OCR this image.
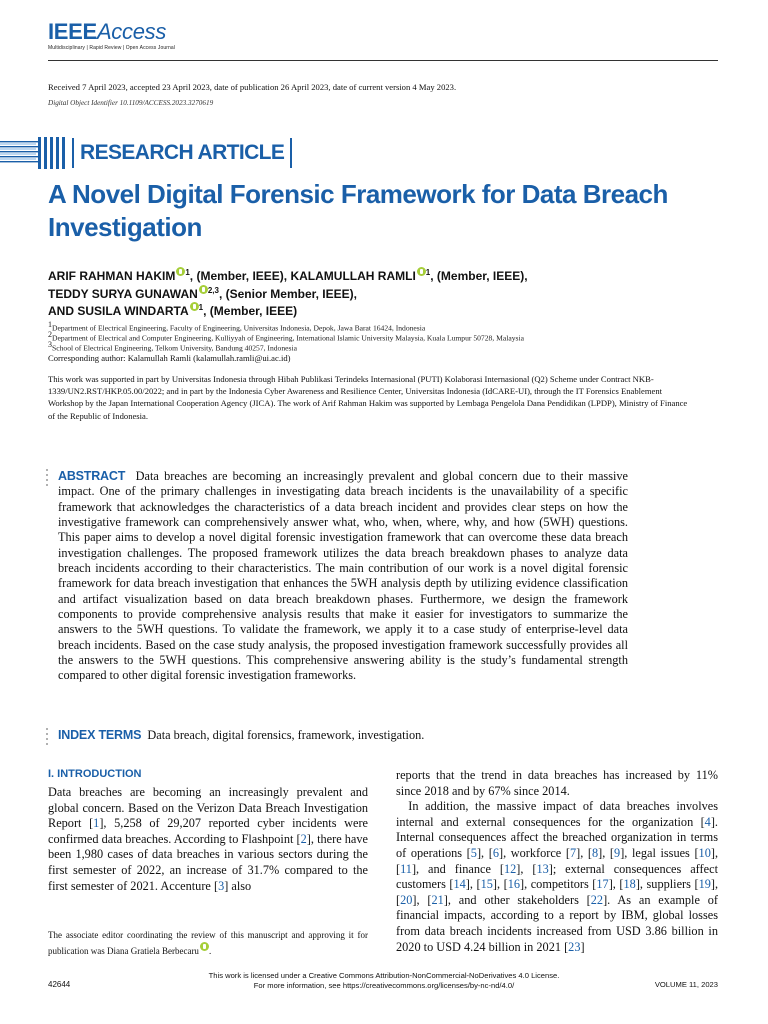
IEEEAccess
Multidisciplinary | Rapid Review | Open Access Journal
Received 7 April 2023, accepted 23 April 2023, date of publication 26 April 2023, date of current version 4 May 2023.
Digital Object Identifier 10.1109/ACCESS.2023.3270619
RESEARCH ARTICLE
A Novel Digital Forensic Framework for Data Breach Investigation
ARIF RAHMAN HAKIM $^1$, (Member, IEEE), KALAMULLAH RAMLI $^1$, (Member, IEEE),
TEDDY SURYA GUNAWAN $^{2,3}$, (Senior Member, IEEE),
AND SUSILA WINDARTA $^1$, (Member, IEEE)
$^1$Department of Electrical Engineering, Faculty of Engineering, Universitas Indonesia, Depok, Jawa Barat 16424, Indonesia
$^2$Department of Electrical and Computer Engineering, Kulliyyah of Engineering, International Islamic University Malaysia, Kuala Lumpur 50728, Malaysia
$^3$School of Electrical Engineering, Telkom University, Bandung 40257, Indonesia
Corresponding author: Kalamullah Ramli (kalamullah.ramli@ui.ac.id)
This work was supported in part by Universitas Indonesia through Hibah Publikasi Terindeks Internasional (PUTI) Kolaborasi Internasional (Q2) Scheme under Contract NKB-1339/UN2.RST/HKP.05.00/2022; and in part by the Indonesia Cyber Awareness and Resilience Center, Universitas Indonesia (IdCARE-UI), through the IT Forensics Enablement Workshop by the Japan International Cooperation Agency (JICA). The work of Arif Rahman Hakim was supported by Lembaga Pengelola Dana Pendidikan (LPDP), Ministry of Finance of the Republic of Indonesia.
ABSTRACT Data breaches are becoming an increasingly prevalent and global concern due to their massive impact. One of the primary challenges in investigating data breach incidents is the unavailability of a specific framework that acknowledges the characteristics of a data breach incident and provides clear steps on how the investigative framework can comprehensively answer what, who, when, where, why, and how (5WH) questions. This paper aims to develop a novel digital forensic investigation framework that can overcome these data breach investigation challenges. The proposed framework utilizes the data breach breakdown phases to analyze data breach incidents according to their characteristics. The main contribution of our work is a novel digital forensic framework for data breach investigation that enhances the 5WH analysis depth by utilizing evidence classification and artifact visualization based on data breach breakdown phases. Furthermore, we design the framework components to provide comprehensive analysis results that make it easier for investigators to summarize the answers to the 5WH questions. To validate the framework, we apply it to a case study of enterprise-level data breach incidents. Based on the case study analysis, the proposed investigation framework successfully provides all the answers to the 5WH questions. This comprehensive answering ability is the study’s fundamental strength compared to other digital forensic investigation frameworks.
INDEX TERMS Data breach, digital forensics, framework, investigation.
I. INTRODUCTION
Data breaches are becoming an increasingly prevalent and global concern. Based on the Verizon Data Breach Investigation Report [1], 5,258 of 29,207 reported cyber incidents were confirmed data breaches. According to Flashpoint [2], there have been 1,980 cases of data breaches in various sectors during the first semester of 2022, an increase of 31.7% compared to the first semester of 2021. Accenture [3] also
reports that the trend in data breaches has increased by 11% since 2018 and by 67% since 2014.
 In addition, the massive impact of data breaches involves internal and external consequences for the organization [4]. Internal consequences affect the breached organization in terms of operations [5], [6], workforce [7], [8], [9], legal issues [10], [11], and finance [12], [13]; external consequences affect customers [14], [15], [16], competitors [17], [18], suppliers [19], [20], [21], and other stakeholders [22]. As an example of financial impacts, according to a report by IBM, global losses from data breach incidents increased from USD 3.86 billion in 2020 to USD 4.24 billion in 2021 [23]
The associate editor coordinating the review of this manuscript and approving it for publication was Diana Gratiela Berbecaru .
42644
This work is licensed under a Creative Commons Attribution-NonCommercial-NoDerivatives 4.0 License.
For more information, see https://creativecommons.org/licenses/by-nc-nd/4.0/	VOLUME 11, 2023
